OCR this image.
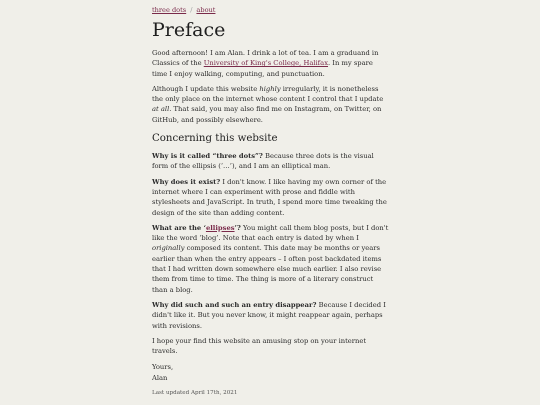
three dots / about
Preface

Good afternoon! I am Alan. I drink a lot of tea. I am a graduand in Classics of the University of King's College, Halifax. In my spare time I enjoy walking, computing, and punctuation.

Although I update this website highly irregularly, it is nonetheless the only place on the internet whose content I control that I update at all. That said, you may also find me on Instagram, on Twitter, on GitHub, and possibly elsewhere.

Concerning this website

Why is it called “three dots”? Because three dots is the visual form of the ellipsis (‘…’), and I am an elliptical man.

Why does it exist? I don't know. I like having my own corner of the internet where I can experiment with prose and fiddle with stylesheets and JavaScript. In truth, I spend more time tweaking the design of the site than adding content.

What are the ‘ellipses’? You might call them blog posts, but I don't like the word ‘blog’. Note that each entry is dated by when I originally composed its content. This date may be months or years earlier than when the entry appears – I often post backdated items that I had written down somewhere else much earlier. I also revise them from time to time. The thing is more of a literary construct than a blog.

Why did such and such an entry disappear? Because I decided I didn't like it. But you never know, it might reappear again, perhaps with revisions.

I hope your find this website an amusing stop on your internet travels.

Yours,
Alan

Last updated April 17th, 2021
